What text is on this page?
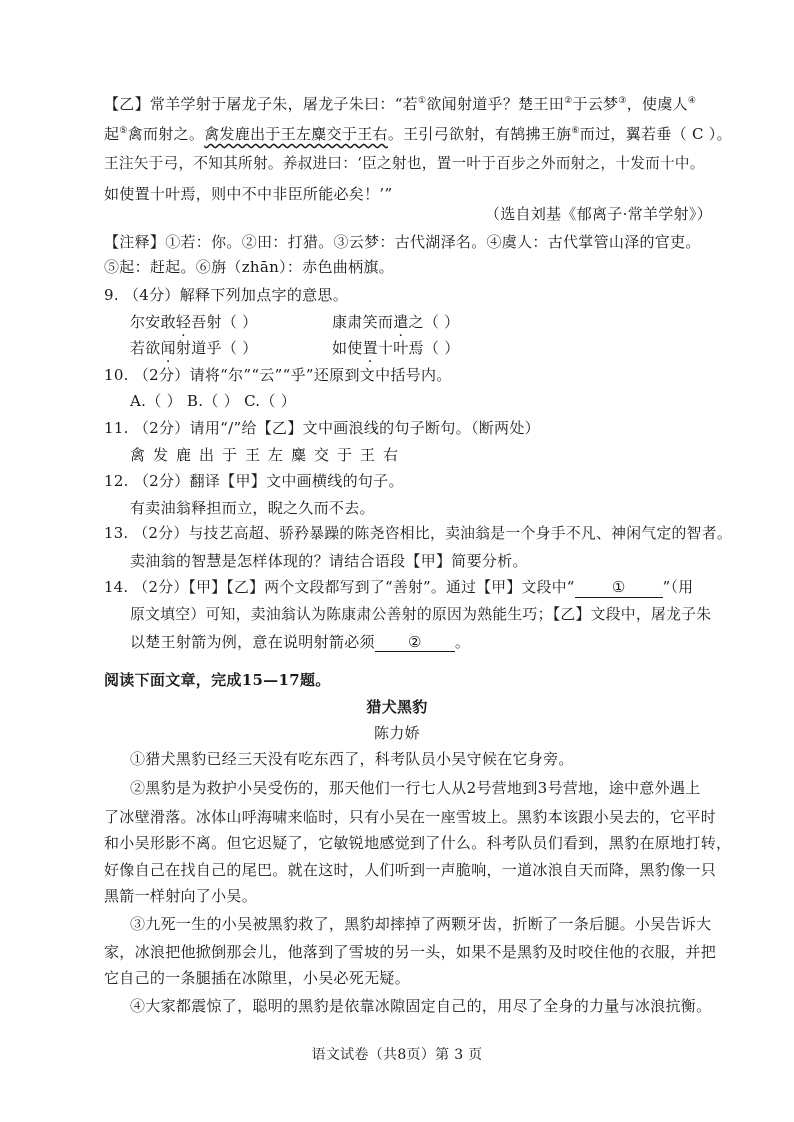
【乙】常羊学射于屠龙子朱，屠龙子朱曰：“若①欲闻射道乎？楚王田②于云梦③，使虞人④
起⑤禽而射之。禽发鹿出于王左麋交于王右。王引弓欲射，有鹄拂王旃⑥而过，翼若垂（ C ）。
王注矢于弓，不知其所射。养叔进曰：‘臣之射也，置一叶于百步之外而射之，十发而十中。
如使置十叶焉，则中不中非臣所能必矣！’”
（选自刘基《郁离子·常羊学射》）
【注释】①若：你。②田：打猎。③云梦：古代湖泽名。④虞人：古代掌管山泽的官吏。
⑤起：赶起。⑥旃（zhān）：赤色曲柄旗。
9. （4分）解释下列加点字的意思。
尔安敢轻吾射（ ）	康肃笑而遣之（ ）
若欲闻射道乎（ ）	如使置十叶焉（ ）
10. （2分）请将“尔”“云”“乎”还原到文中括号内。
A.（ ） B.（ ） C.（ ）
11. （2分）请用“/”给【乙】文中画浪线的句子断句。（断两处）
禽发鹿出于王左麋交于王右
12. （2分）翻译【甲】文中画横线的句子。
有卖油翁释担而立，睨之久而不去。
13. （2分）与技艺高超、骄矜暴躁的陈尧咨相比，卖油翁是一个身手不凡、神闲气定的智者。
卖油翁的智慧是怎样体现的？请结合语段【甲】简要分析。
14. （2分）【甲】【乙】两个文段都写到了“善射”。通过【甲】文段中“	①	”（用
原文填空）可知，卖油翁认为陈康肃公善射的原因为熟能生巧；【乙】文段中，屠龙子朱
以楚王射箭为例，意在说明射箭必须 ② 。
阅读下面文章，完成15—17题。
猎犬黑豹
陈力娇
①猎犬黑豹已经三天没有吃东西了，科考队员小吴守候在它身旁。
②黑豹是为救护小吴受伤的，那天他们一行七人从2号营地到3号营地，途中意外遇上
了冰壁滑落。冰体山呼海啸来临时，只有小吴在一座雪坡上。黑豹本该跟小吴去的，它平时
和小吴形影不离。但它迟疑了，它敏锐地感觉到了什么。科考队员们看到，黑豹在原地打转，
好像自己在找自己的尾巴。就在这时，人们听到一声脆响，一道冰浪自天而降，黑豹像一只
黑箭一样射向了小吴。
③九死一生的小吴被黑豹救了，黑豹却摔掉了两颗牙齿，折断了一条后腿。小吴告诉大
家，冰浪把他掀倒那会儿，他落到了雪坡的另一头，如果不是黑豹及时咬住他的衣服，并把
它自己的一条腿插在冰隙里，小吴必死无疑。
④大家都震惊了，聪明的黑豹是依靠冰隙固定自己的，用尽了全身的力量与冰浪抗衡。
语文试卷（共8页）第 3 页
